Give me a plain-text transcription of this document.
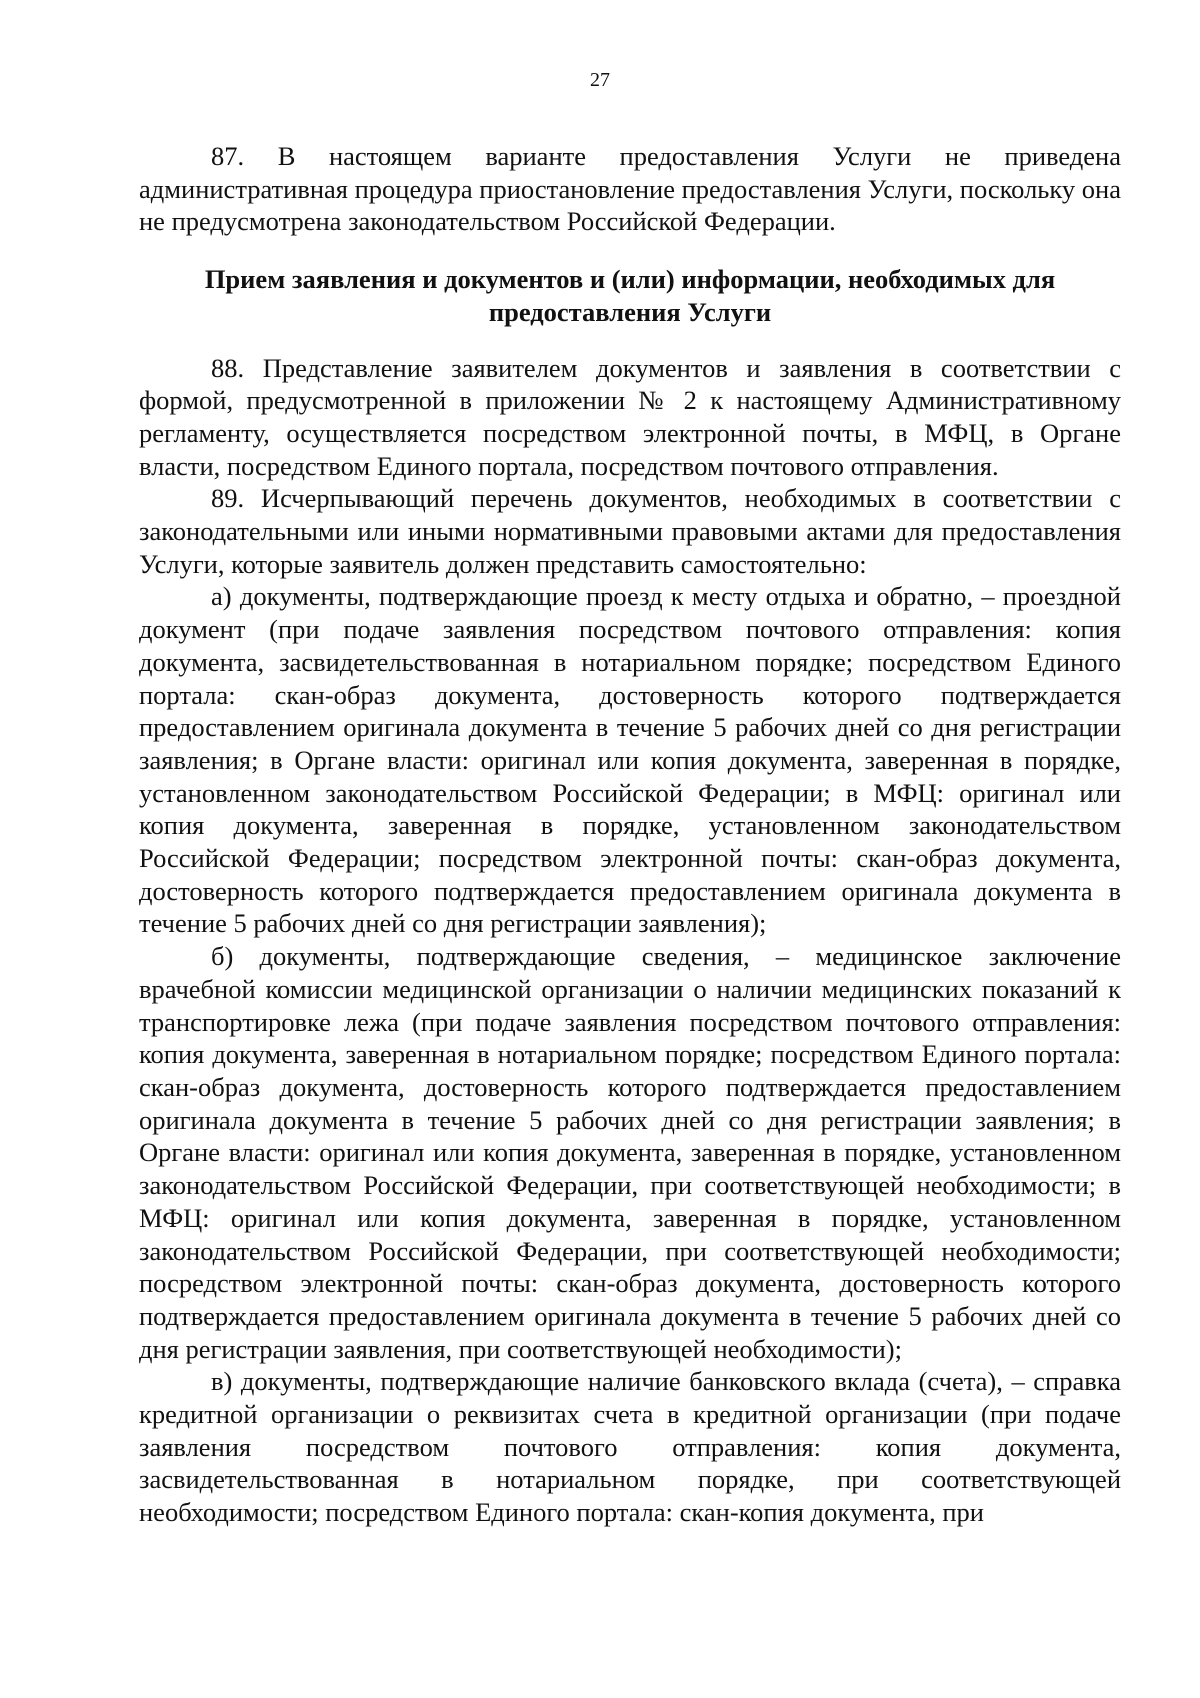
27

87. В настоящем варианте предоставления Услуги не приведена административная процедура приостановление предоставления Услуги, поскольку она не предусмотрена законодательством Российской Федерации.

Прием заявления и документов и (или) информации, необходимых для предоставления Услуги

88. Представление заявителем документов и заявления в соответствии с формой, предусмотренной в приложении № 2 к настоящему Административному регламенту, осуществляется посредством электронной почты, в МФЦ, в Органе власти, посредством Единого портала, посредством почтового отправления.

89. Исчерпывающий перечень документов, необходимых в соответствии с законодательными или иными нормативными правовыми актами для предоставления Услуги, которые заявитель должен представить самостоятельно:

а) документы, подтверждающие проезд к месту отдыха и обратно, – проездной документ (при подаче заявления посредством почтового отправления: копия документа, засвидетельствованная в нотариальном порядке; посредством Единого портала: скан-образ документа, достоверность которого подтверждается предоставлением оригинала документа в течение 5 рабочих дней со дня регистрации заявления; в Органе власти: оригинал или копия документа, заверенная в порядке, установленном законодательством Российской Федерации; в МФЦ: оригинал или копия документа, заверенная в порядке, установленном законодательством Российской Федерации; посредством электронной почты: скан-образ документа, достоверность которого подтверждается предоставлением оригинала документа в течение 5 рабочих дней со дня регистрации заявления);

б) документы, подтверждающие сведения, – медицинское заключение врачебной комиссии медицинской организации о наличии медицинских показаний к транспортировке лежа (при подаче заявления посредством почтового отправления: копия документа, заверенная в нотариальном порядке; посредством Единого портала: скан-образ документа, достоверность которого подтверждается предоставлением оригинала документа в течение 5 рабочих дней со дня регистрации заявления; в Органе власти: оригинал или копия документа, заверенная в порядке, установленном законодательством Российской Федерации, при соответствующей необходимости; в МФЦ: оригинал или копия документа, заверенная в порядке, установленном законодательством Российской Федерации, при соответствующей необходимости; посредством электронной почты: скан-образ документа, достоверность которого подтверждается предоставлением оригинала документа в течение 5 рабочих дней со дня регистрации заявления, при соответствующей необходимости);

в) документы, подтверждающие наличие банковского вклада (счета), – справка кредитной организации о реквизитах счета в кредитной организации (при подаче заявления посредством почтового отправления: копия документа, засвидетельствованная в нотариальном порядке, при соответствующей необходимости; посредством Единого портала: скан-копия документа, при
